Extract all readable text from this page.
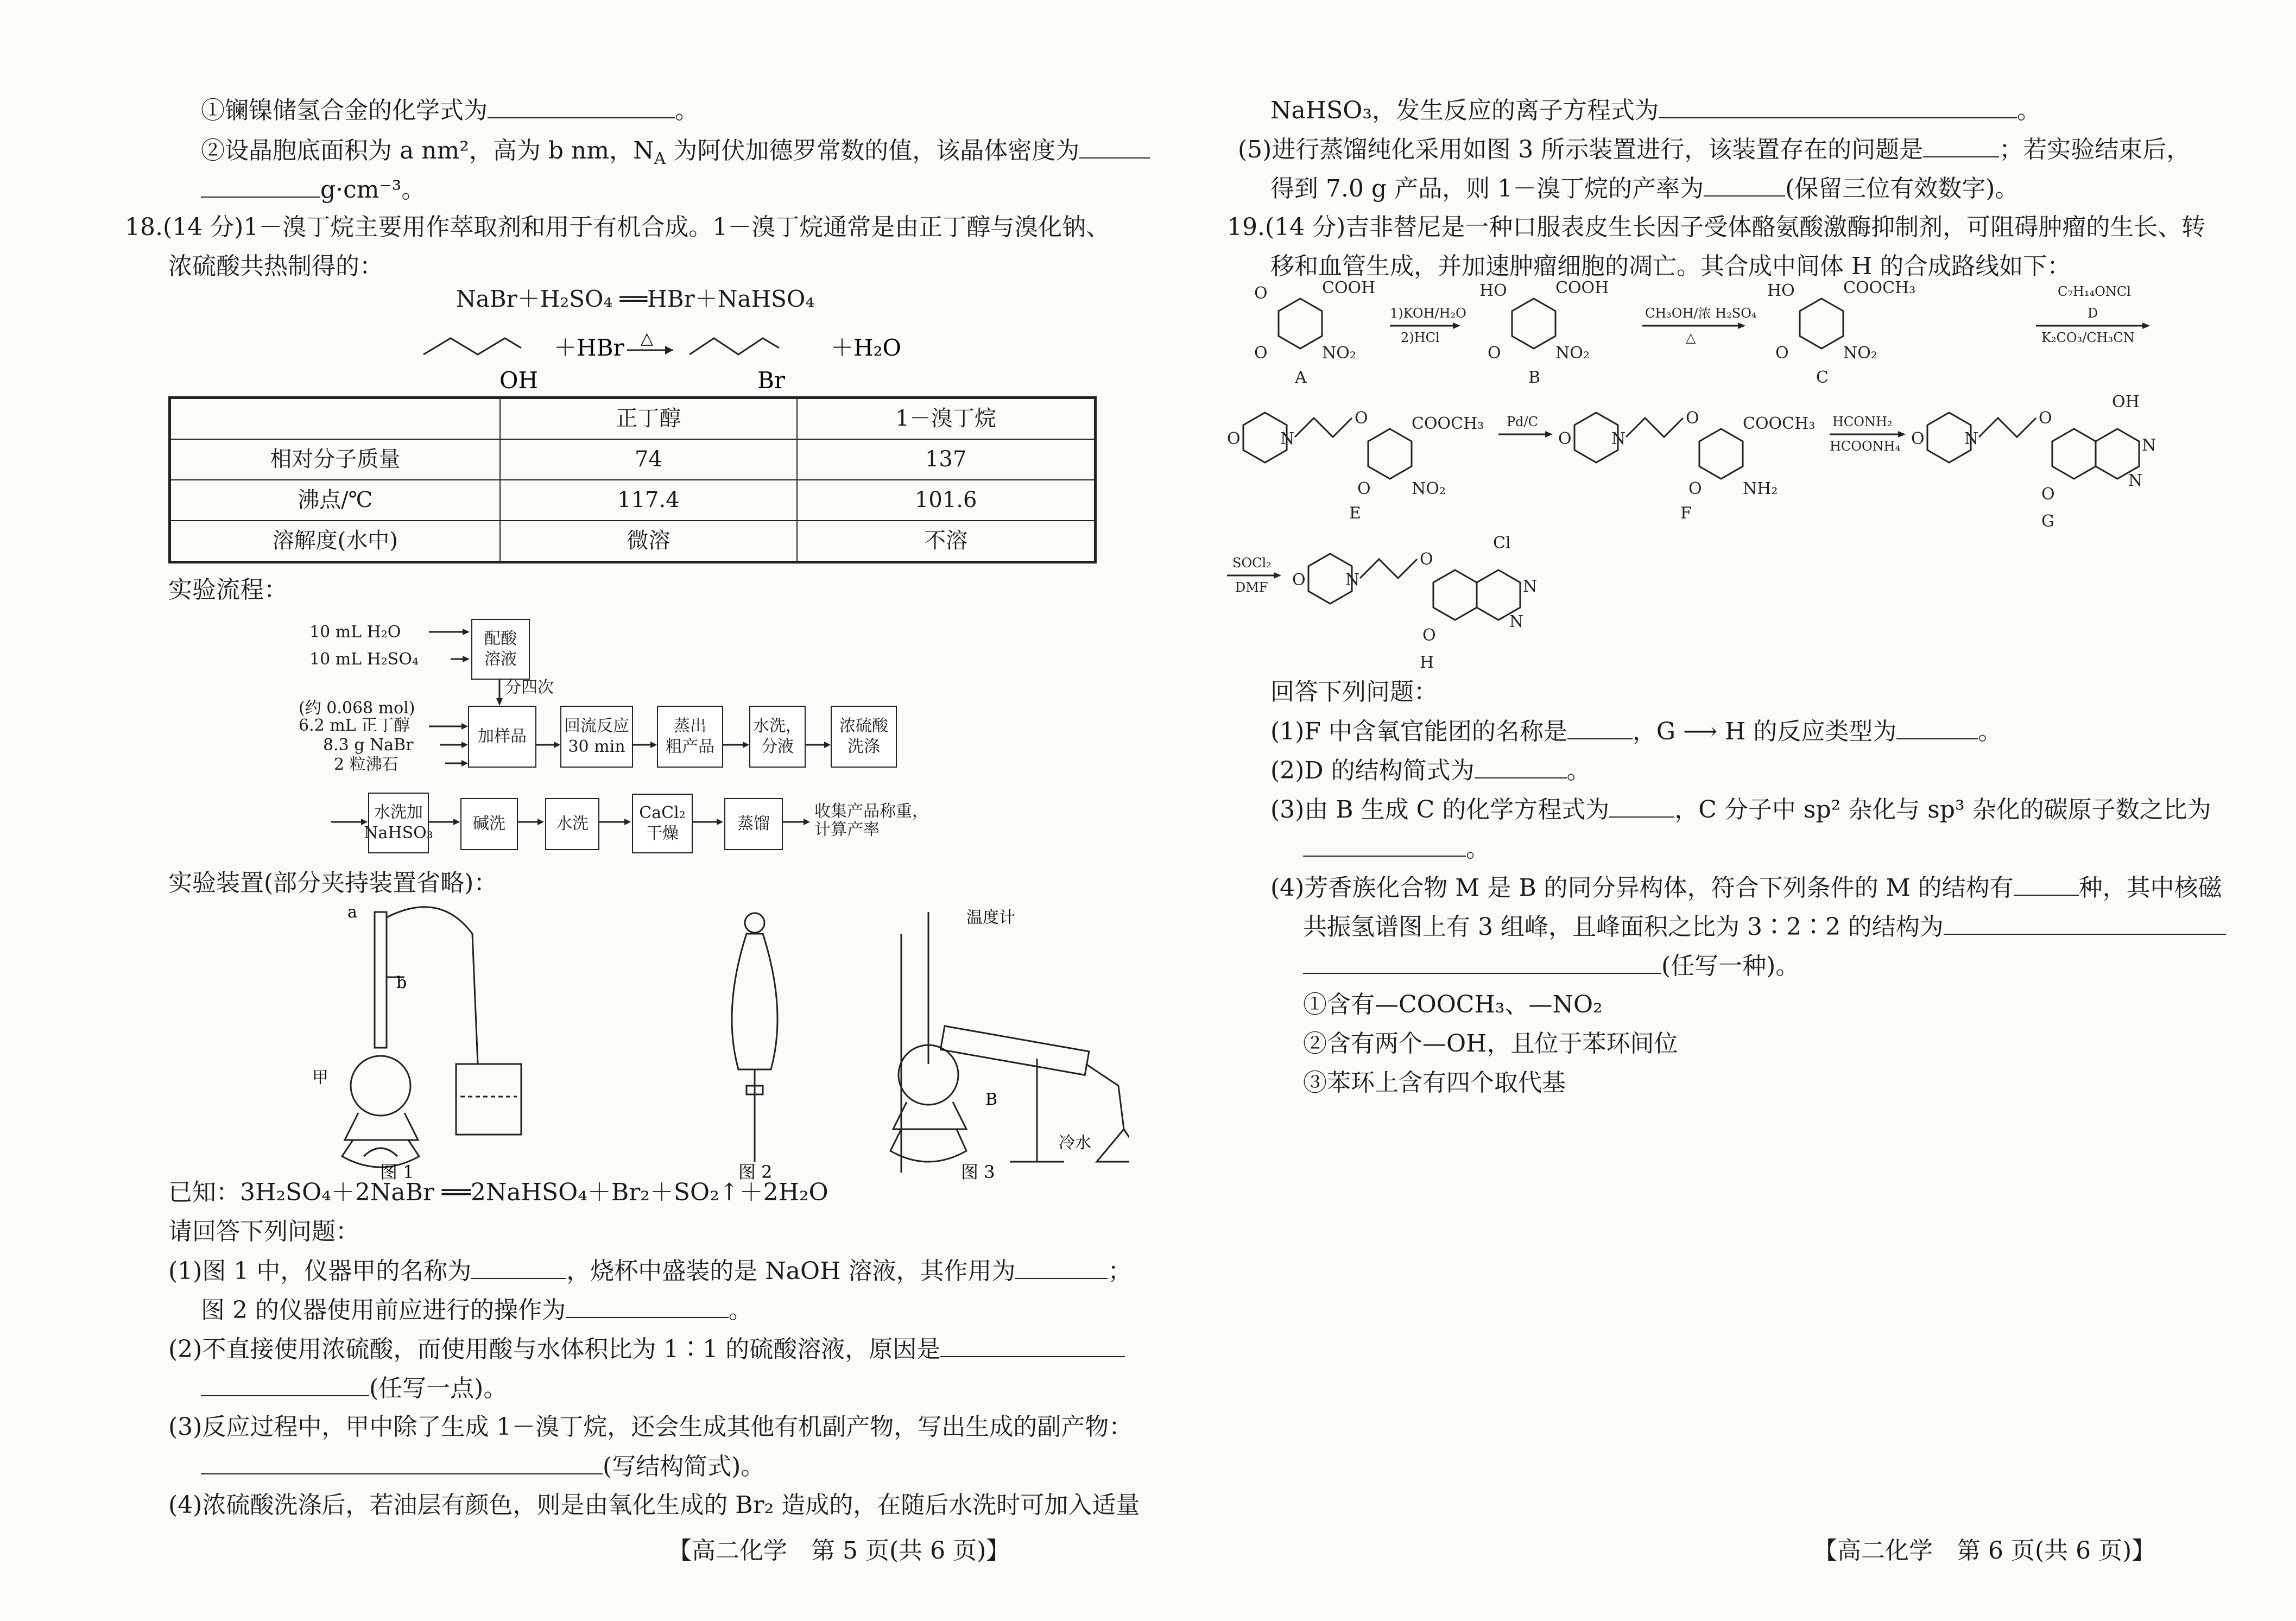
①镧镍储氢合金的化学式为	。
②设晶胞底面积为 a nm²，高为 b nm，$N_A$ 为阿伏加德罗常数的值，该晶体密度为
g·cm⁻³。
18.(14 分)1－溴丁烷主要用作萃取剂和用于有机合成。1－溴丁烷通常是由正丁醇与溴化钠、
浓硫酸共热制得的：
NaBr＋H₂SO₄ ══HBr＋NaHSO₄
OH
＋HBr △
Br
＋H₂O
	正丁醇	1－溴丁烷
相对分子质量	74	137
沸点/℃	117.4	101.6
溶解度(水中)	微溶	不溶
实验流程：
10 mL H₂O
10 mL H₂SO₄
配酸
溶液
分四次
(约 0.068 mol)
6.2 mL 正丁醇
8.3 g NaBr
2 粒沸石
加样品
回流反应
30 min
蒸出
粗产品
水洗，
分液
浓硫酸
洗涤
水洗加
NaHSO₃	碱洗	水洗
CaCl₂
干燥
蒸馏
收集产品称重，
计算产率
实验装置(部分夹持装置省略)：
a
b
甲
图 1	图 2
温度计
B
冷水
图 3
已知：3H₂SO₄＋2NaBr ══2NaHSO₄＋Br₂＋SO₂↑＋2H₂O
请回答下列问题：
(1)图 1 中，仪器甲的名称为	，烧杯中盛装的是 NaOH 溶液，其作用为	；
图 2 的仪器使用前应进行的操作为	。
(2)不直接使用浓硫酸，而使用酸与水体积比为 1∶1 的硫酸溶液，原因是
(任写一点)。
(3)反应过程中，甲中除了生成 1－溴丁烷，还会生成其他有机副产物，写出生成的副产物：
(写结构简式)。
(4)浓硫酸洗涤后，若油层有颜色，则是由氧化生成的 Br₂ 造成的，在随后水洗时可加入适量
【高二化学　第 5 页(共 6 页)】
NaHSO₃，发生反应的离子方程式为	。
(5)进行蒸馏纯化采用如图 3 所示装置进行，该装置存在的问题是	；若实验结束后，
得到 7.0 g 产品，则 1－溴丁烷的产率为	(保留三位有效数字)。
19.(14 分)吉非替尼是一种口服表皮生长因子受体酪氨酸激酶抑制剂，可阻碍肿瘤的生长、转
移和血管生成，并加速肿瘤细胞的凋亡。其合成中间体 H 的合成路线如下：
COOH
NO₂
O
O
A
1)KOH/H₂O
2)HCl
HO	COOH
NO₂
O
B
CH₃OH/浓 H₂SO₄
△
HO	COOCH₃
NO₂
O
C
C₇H₁₄ONCl
D
K₂CO₃/CH₃CN
O N
O	COOCH₃
NO₂
O
E
Pd/C
O N
O	COOCH₃
NH₂
O
F
HCONH₂
HCOONH₄ O N
O
OH
N
N
O
G
SOCl₂
DMF O N
O
Cl
N
N
O
H
回答下列问题：
(1)F 中含氧官能团的名称是	，G ⟶ H 的反应类型为	。
(2)D 的结构简式为	。
(3)由 B 生成 C 的化学方程式为	，C 分子中 sp² 杂化与 sp³ 杂化的碳原子数之比为
。
(4)芳香族化合物 M 是 B 的同分异构体，符合下列条件的 M 的结构有	种，其中核磁
共振氢谱图上有 3 组峰，且峰面积之比为 3∶2∶2 的结构为
(任写一种)。
①含有—COOCH₃、—NO₂
②含有两个—OH，且位于苯环间位
③苯环上含有四个取代基
【高二化学　第 6 页(共 6 页)】
